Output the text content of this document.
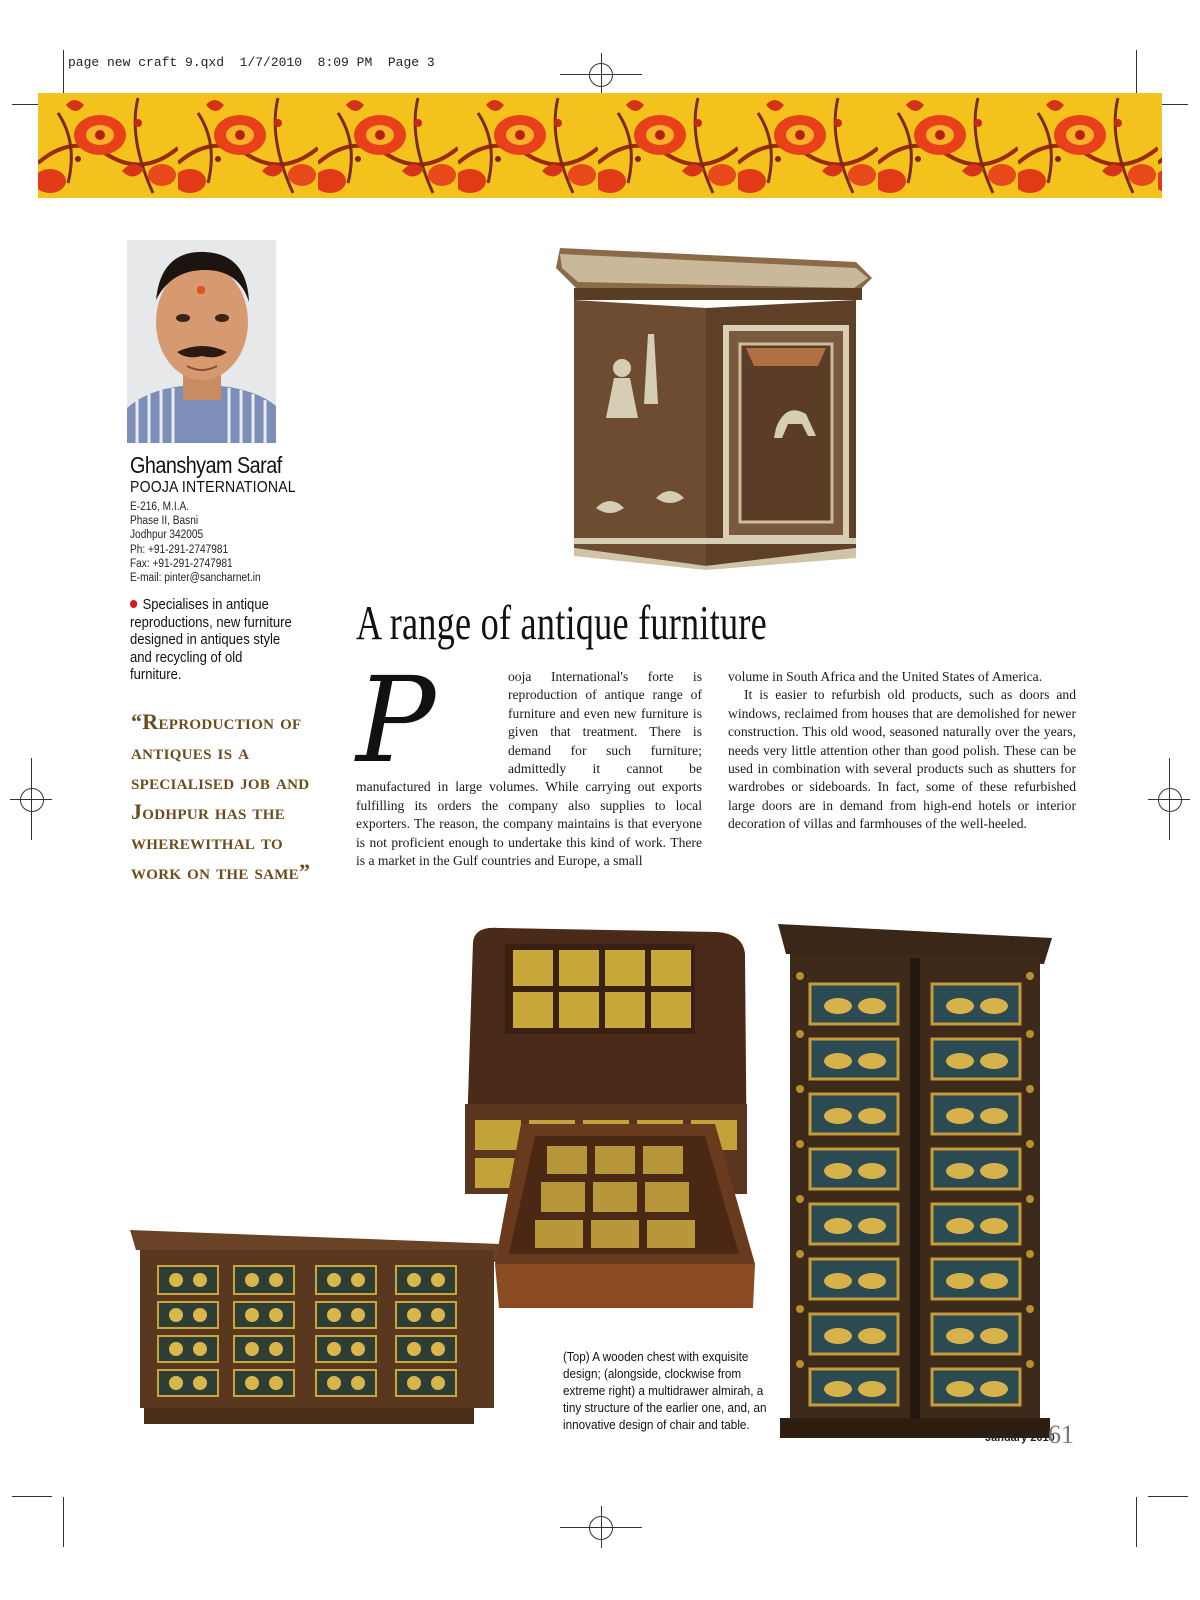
page new craft 9.qxd  1/7/2010  8:09 PM  Page 3
Ghanshyam Saraf
POOJA INTERNATIONAL
E-216, M.I.A.
Phase II, Basni
Jodhpur 342005
Ph: +91-291-2747981
Fax: +91-291-2747981
E-mail: pinter@sancharnet.in
Specialises in antique reproductions, new furniture designed in antiques style and recycling of old furniture.
“Reproduction of antiques is a specialised job and Jodhpur has the wherewithal to work on the same”
A range of antique furniture
P	ooja International's forte is reproduction of antique range of furniture and even new furniture is given that treatment. There is demand for such furniture; admittedly it cannot be manufactured in large volumes. While carrying out exports fulfilling its orders the company also supplies to local exporters. The reason, the company maintains is that everyone is not proficient enough to undertake this kind of work. There is a market in the Gulf countries and Europe, a small

volume in South Africa and the United States of America.

It is easier to refurbish old products, such as doors and windows, reclaimed from houses that are demolished for newer construction. This old wood, seasoned naturally over the years, needs very little attention other than good polish. These can be used in combination with several products such as shutters for wardrobes or sideboards. In fact, some of these refurbished large doors are in demand from high-end hotels or interior decoration of villas and farmhouses of the well-heeled.

(Top) A wooden chest with exquisite design; (alongside, clockwise from extreme right) a multidrawer almirah, a tiny structure of the earlier one, and, an innovative design of chair and table.
January 2010
61
